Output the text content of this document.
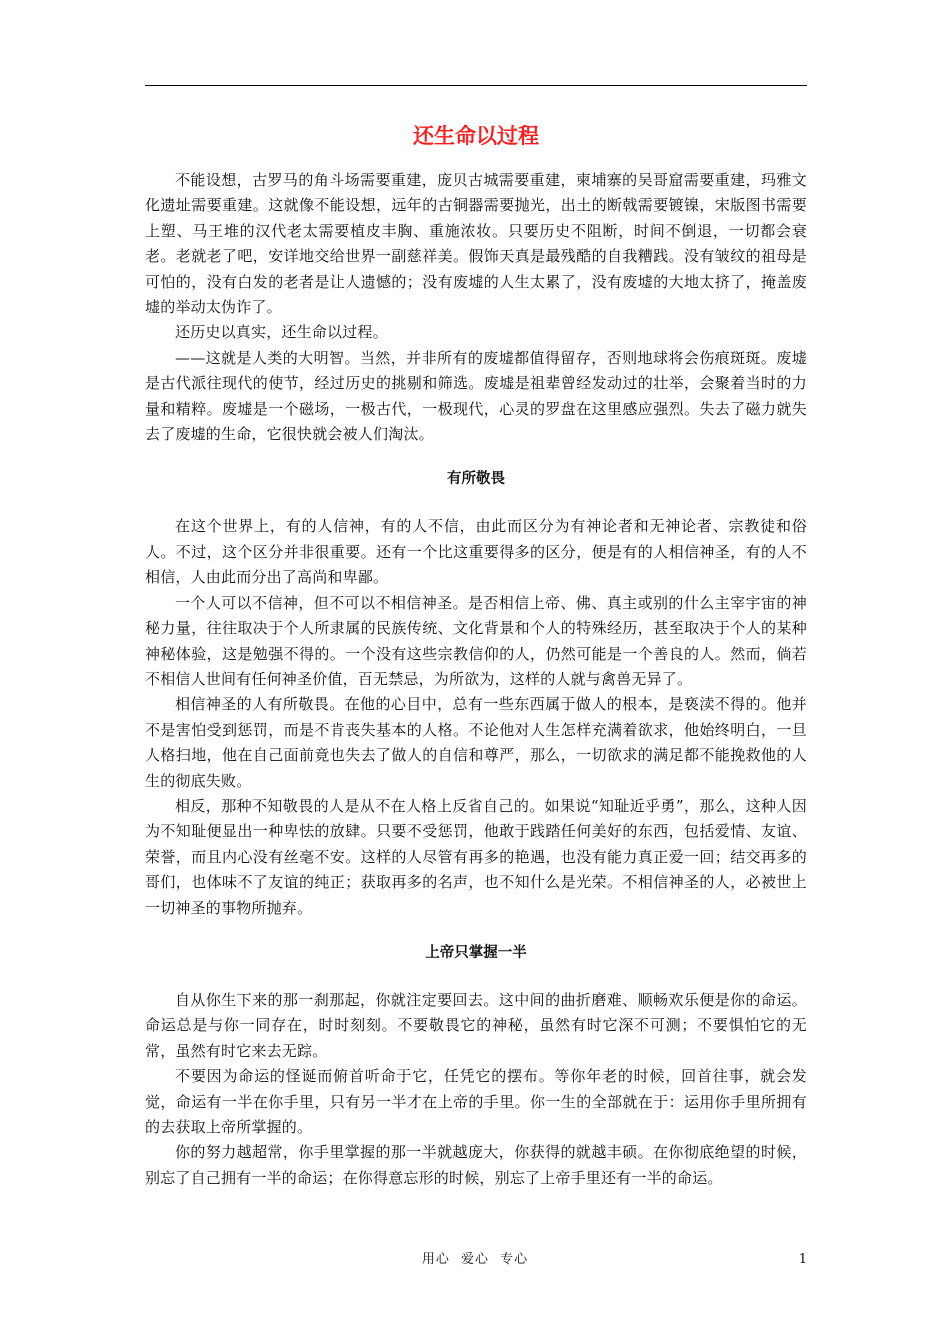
还生命以过程

不能设想，古罗马的角斗场需要重建，庞贝古城需要重建，柬埔寨的吴哥窟需要重建，玛雅文化遗址需要重建。这就像不能设想，远年的古铜器需要抛光，出土的断戟需要镀镍，宋版图书需要上塑、马王堆的汉代老太需要植皮丰胸、重施浓妆。只要历史不阻断，时间不倒退，一切都会衰老。老就老了吧，安详地交给世界一副慈祥美。假饰天真是最残酷的自我糟践。没有皱纹的祖母是可怕的，没有白发的老者是让人遗憾的；没有废墟的人生太累了，没有废墟的大地太挤了，掩盖废墟的举动太伪诈了。

还历史以真实，还生命以过程。

——这就是人类的大明智。当然，并非所有的废墟都值得留存，否则地球将会伤痕斑斑。废墟是古代派往现代的使节，经过历史的挑剔和筛选。废墟是祖辈曾经发动过的壮举，会聚着当时的力量和精粹。废墟是一个磁场，一极古代，一极现代，心灵的罗盘在这里感应强烈。失去了磁力就失去了废墟的生命，它很快就会被人们淘汰。

有所敬畏

在这个世界上，有的人信神，有的人不信，由此而区分为有神论者和无神论者、宗教徒和俗人。不过，这个区分并非很重要。还有一个比这重要得多的区分，便是有的人相信神圣，有的人不相信，人由此而分出了高尚和卑鄙。

一个人可以不信神，但不可以不相信神圣。是否相信上帝、佛、真主或别的什么主宰宇宙的神秘力量，往往取决于个人所隶属的民族传统、文化背景和个人的特殊经历，甚至取决于个人的某种神秘体验，这是勉强不得的。一个没有这些宗教信仰的人，仍然可能是一个善良的人。然而，倘若不相信人世间有任何神圣价值，百无禁忌，为所欲为，这样的人就与禽兽无异了。

相信神圣的人有所敬畏。在他的心目中，总有一些东西属于做人的根本，是亵渎不得的。他并不是害怕受到惩罚，而是不肯丧失基本的人格。不论他对人生怎样充满着欲求，他始终明白，一旦人格扫地，他在自己面前竟也失去了做人的自信和尊严，那么，一切欲求的满足都不能挽救他的人生的彻底失败。

相反，那种不知敬畏的人是从不在人格上反省自己的。如果说“知耻近乎勇”，那么，这种人因为不知耻便显出一种卑怯的放肆。只要不受惩罚，他敢于践踏任何美好的东西，包括爱情、友谊、荣誉，而且内心没有丝毫不安。这样的人尽管有再多的艳遇，也没有能力真正爱一回；结交再多的哥们，也体味不了友谊的纯正；获取再多的名声，也不知什么是光荣。不相信神圣的人，必被世上一切神圣的事物所抛弃。

上帝只掌握一半

自从你生下来的那一刹那起，你就注定要回去。这中间的曲折磨难、顺畅欢乐便是你的命运。命运总是与你一同存在，时时刻刻。不要敬畏它的神秘，虽然有时它深不可测；不要惧怕它的无常，虽然有时它来去无踪。

不要因为命运的怪诞而俯首听命于它，任凭它的摆布。等你年老的时候，回首往事，就会发觉，命运有一半在你手里，只有另一半才在上帝的手里。你一生的全部就在于：运用你手里所拥有的去获取上帝所掌握的。

你的努力越超常，你手里掌握的那一半就越庞大，你获得的就越丰硕。在你彻底绝望的时候，别忘了自己拥有一半的命运；在你得意忘形的时候，别忘了上帝手里还有一半的命运。

用心 爱心 专心	1
